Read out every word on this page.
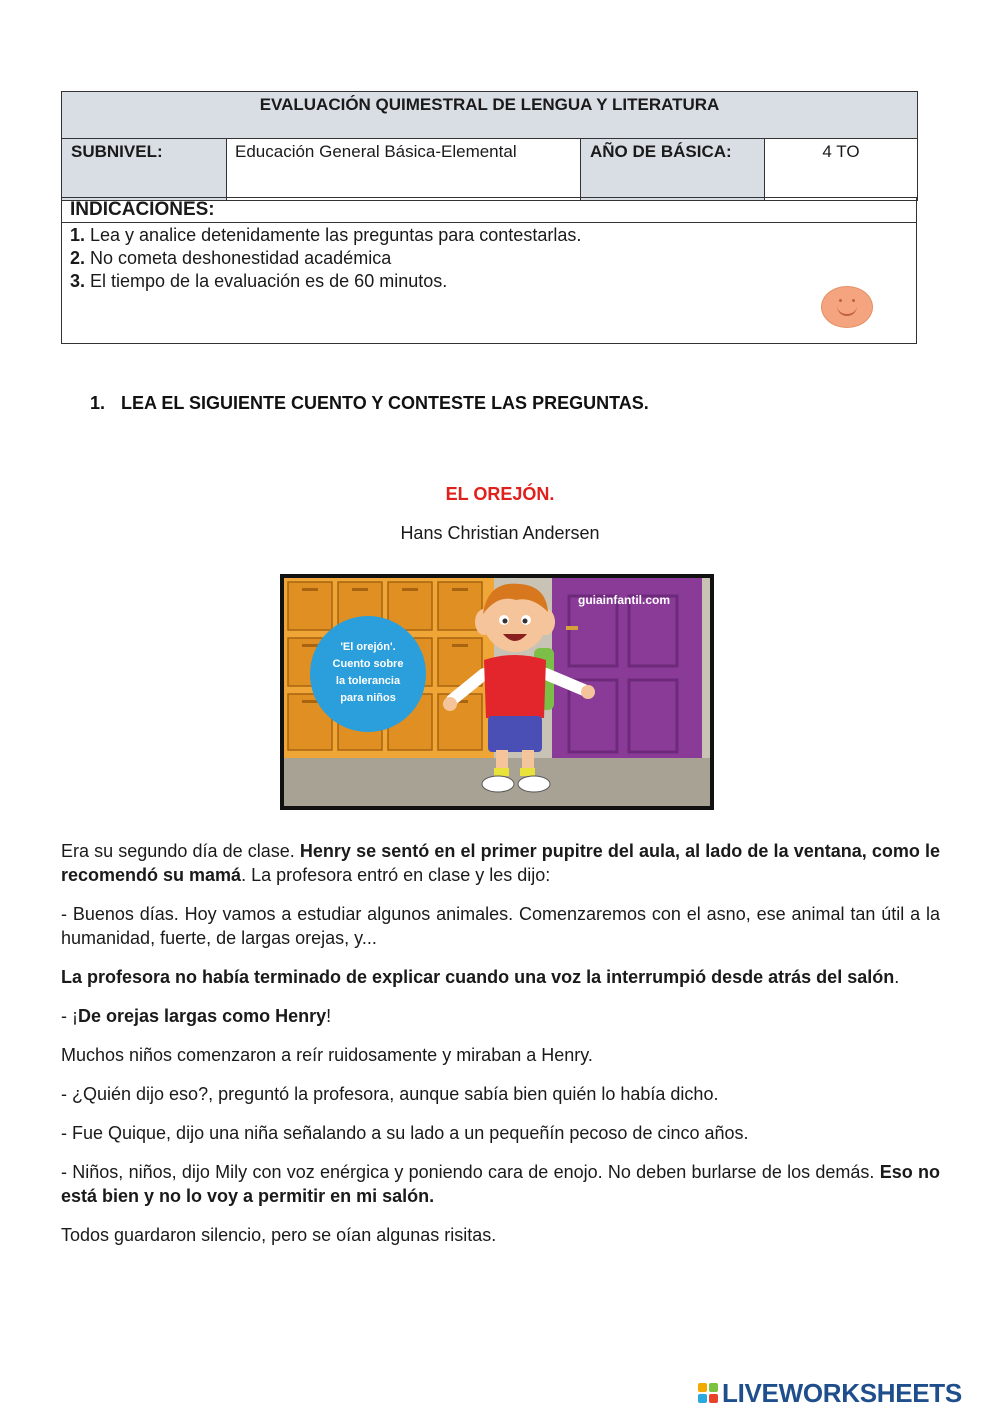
EVALUACIÓN QUIMESTRAL DE LENGUA Y LITERATURA
SUBNIVEL:	Educación General Básica-Elemental	AÑO DE BÁSICA:	4 TO
INDICACIONES:
1. Lea y analice detenidamente las preguntas para contestarlas.
2. No cometa deshonestidad académica
3. El tiempo de la evaluación es de 60 minutos.
1. LEA EL SIGUIENTE CUENTO Y CONTESTE LAS PREGUNTAS.
EL OREJÓN.
Hans Christian Andersen
'El orejón'.
Cuento sobre
la tolerancia
para niños
guiainfantil.com

Era su segundo día de clase. Henry se sentó en el primer pupitre del aula, al lado de la ventana, como le recomendó su mamá. La profesora entró en clase y les dijo:

- Buenos días. Hoy vamos a estudiar algunos animales. Comenzaremos con el asno, ese animal tan útil a la humanidad, fuerte, de largas orejas, y...

La profesora no había terminado de explicar cuando una voz la interrumpió desde atrás del salón.

- ¡De orejas largas como Henry!

Muchos niños comenzaron a reír ruidosamente y miraban a Henry.

- ¿Quién dijo eso?, preguntó la profesora, aunque sabía bien quién lo había dicho.

- Fue Quique, dijo una niña señalando a su lado a un pequeñín pecoso de cinco años.

- Niños, niños, dijo Mily con voz enérgica y poniendo cara de enojo. No deben burlarse de los demás. Eso no está bien y no lo voy a permitir en mi salón.

Todos guardaron silencio, pero se oían algunas risitas.

LIVEWORKSHEETS
